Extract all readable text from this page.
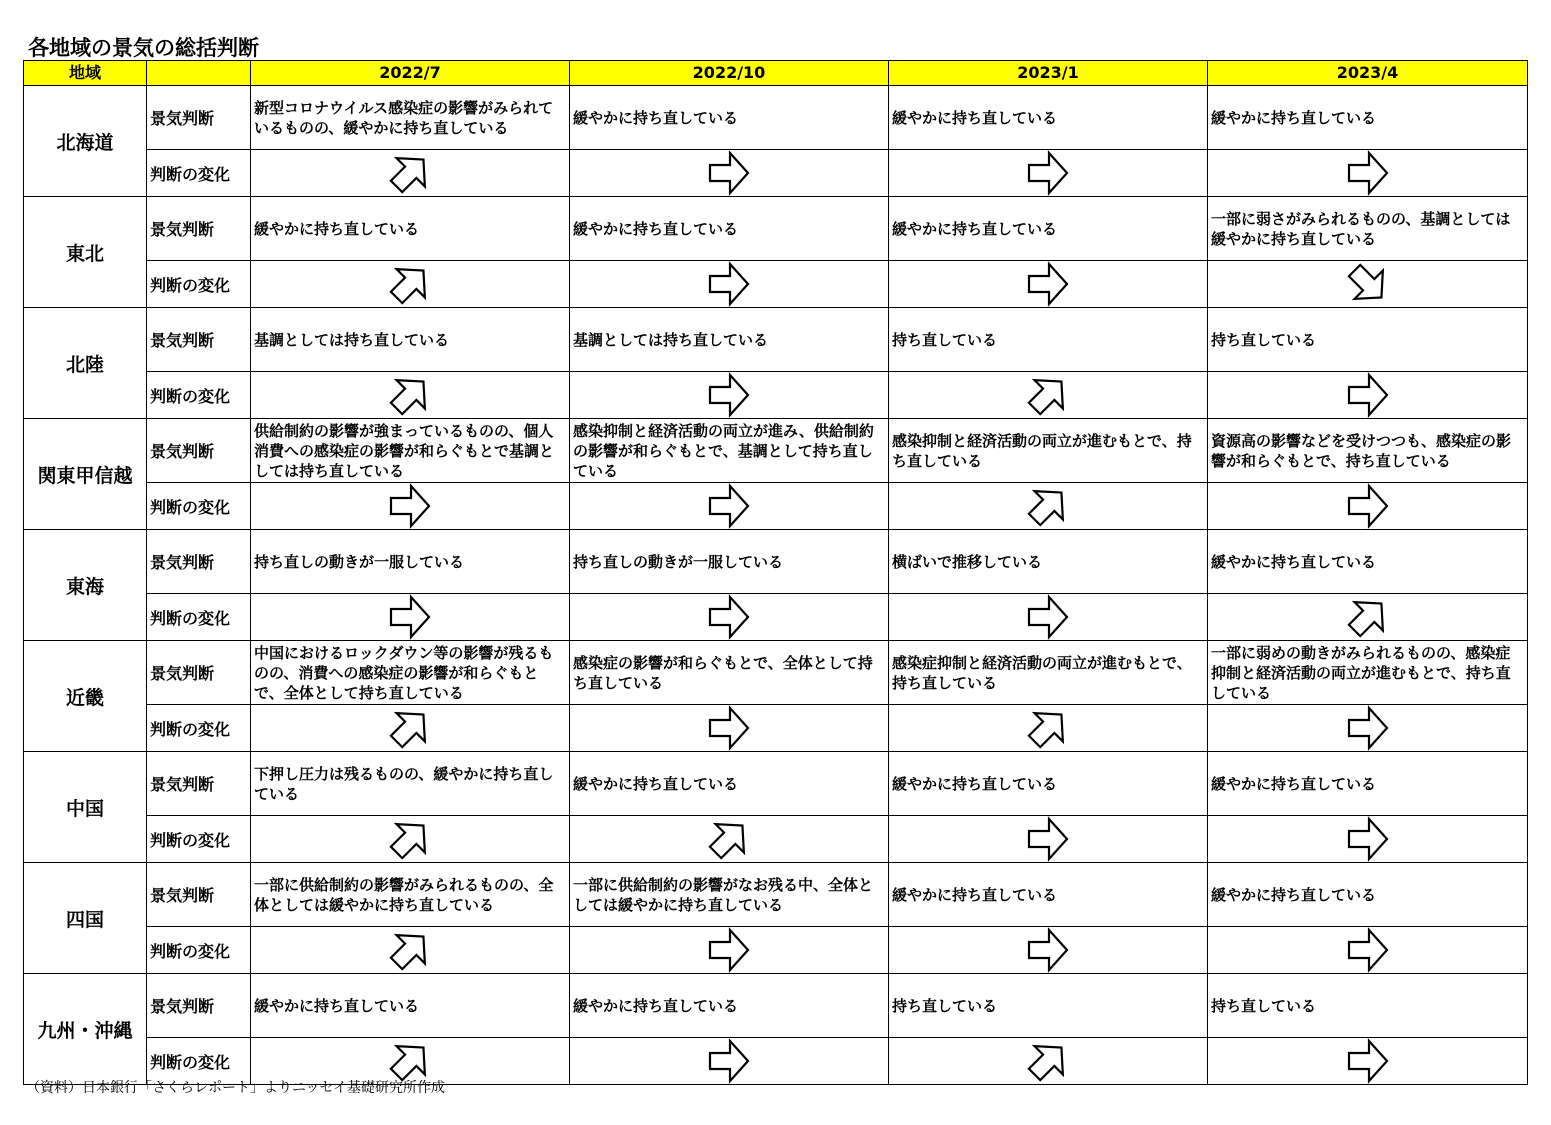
各地域の景気の総括判断
地域		2022/7	2022/10	2023/1	2023/4
北海道	景気判断	新型コロナウイルス感染症の影響がみられているものの、緩やかに持ち直している	緩やかに持ち直している	緩やかに持ち直している	緩やかに持ち直している
	判断の変化	

東北	景気判断	緩やかに持ち直している	緩やかに持ち直している	緩やかに持ち直している	一部に弱さがみられるものの、基調としては緩やかに持ち直している
	判断の変化	

北陸	景気判断	基調としては持ち直している	基調としては持ち直している	持ち直している	持ち直している
	判断の変化	

関東甲信越	景気判断	供給制約の影響が強まっているものの、個人消費への感染症の影響が和らぐもとで基調としては持ち直している	感染抑制と経済活動の両立が進み、供給制約の影響が和らぐもとで、基調として持ち直している	感染抑制と経済活動の両立が進むもとで、持ち直している	資源高の影響などを受けつつも、感染症の影響が和らぐもとで、持ち直している
	判断の変化	

東海	景気判断	持ち直しの動きが一服している	持ち直しの動きが一服している	横ばいで推移している	緩やかに持ち直している
	判断の変化	

近畿	景気判断	中国におけるロックダウン等の影響が残るものの、消費への感染症の影響が和らぐもとで、全体として持ち直している	感染症の影響が和らぐもとで、全体として持ち直している	感染症抑制と経済活動の両立が進むもとで、持ち直している	一部に弱めの動きがみられるものの、感染症抑制と経済活動の両立が進むもとで、持ち直している
	判断の変化	

中国	景気判断	下押し圧力は残るものの、緩やかに持ち直している	緩やかに持ち直している	緩やかに持ち直している	緩やかに持ち直している
	判断の変化	

四国	景気判断	一部に供給制約の影響がみられるものの、全体としては緩やかに持ち直している	一部に供給制約の影響がなお残る中、全体としては緩やかに持ち直している	緩やかに持ち直している	緩やかに持ち直している
	判断の変化	

九州・沖縄	景気判断	緩やかに持ち直している	緩やかに持ち直している	持ち直している	持ち直している
	判断の変化	

（資料）日本銀行「さくらレポート」よりニッセイ基礎研究所作成
